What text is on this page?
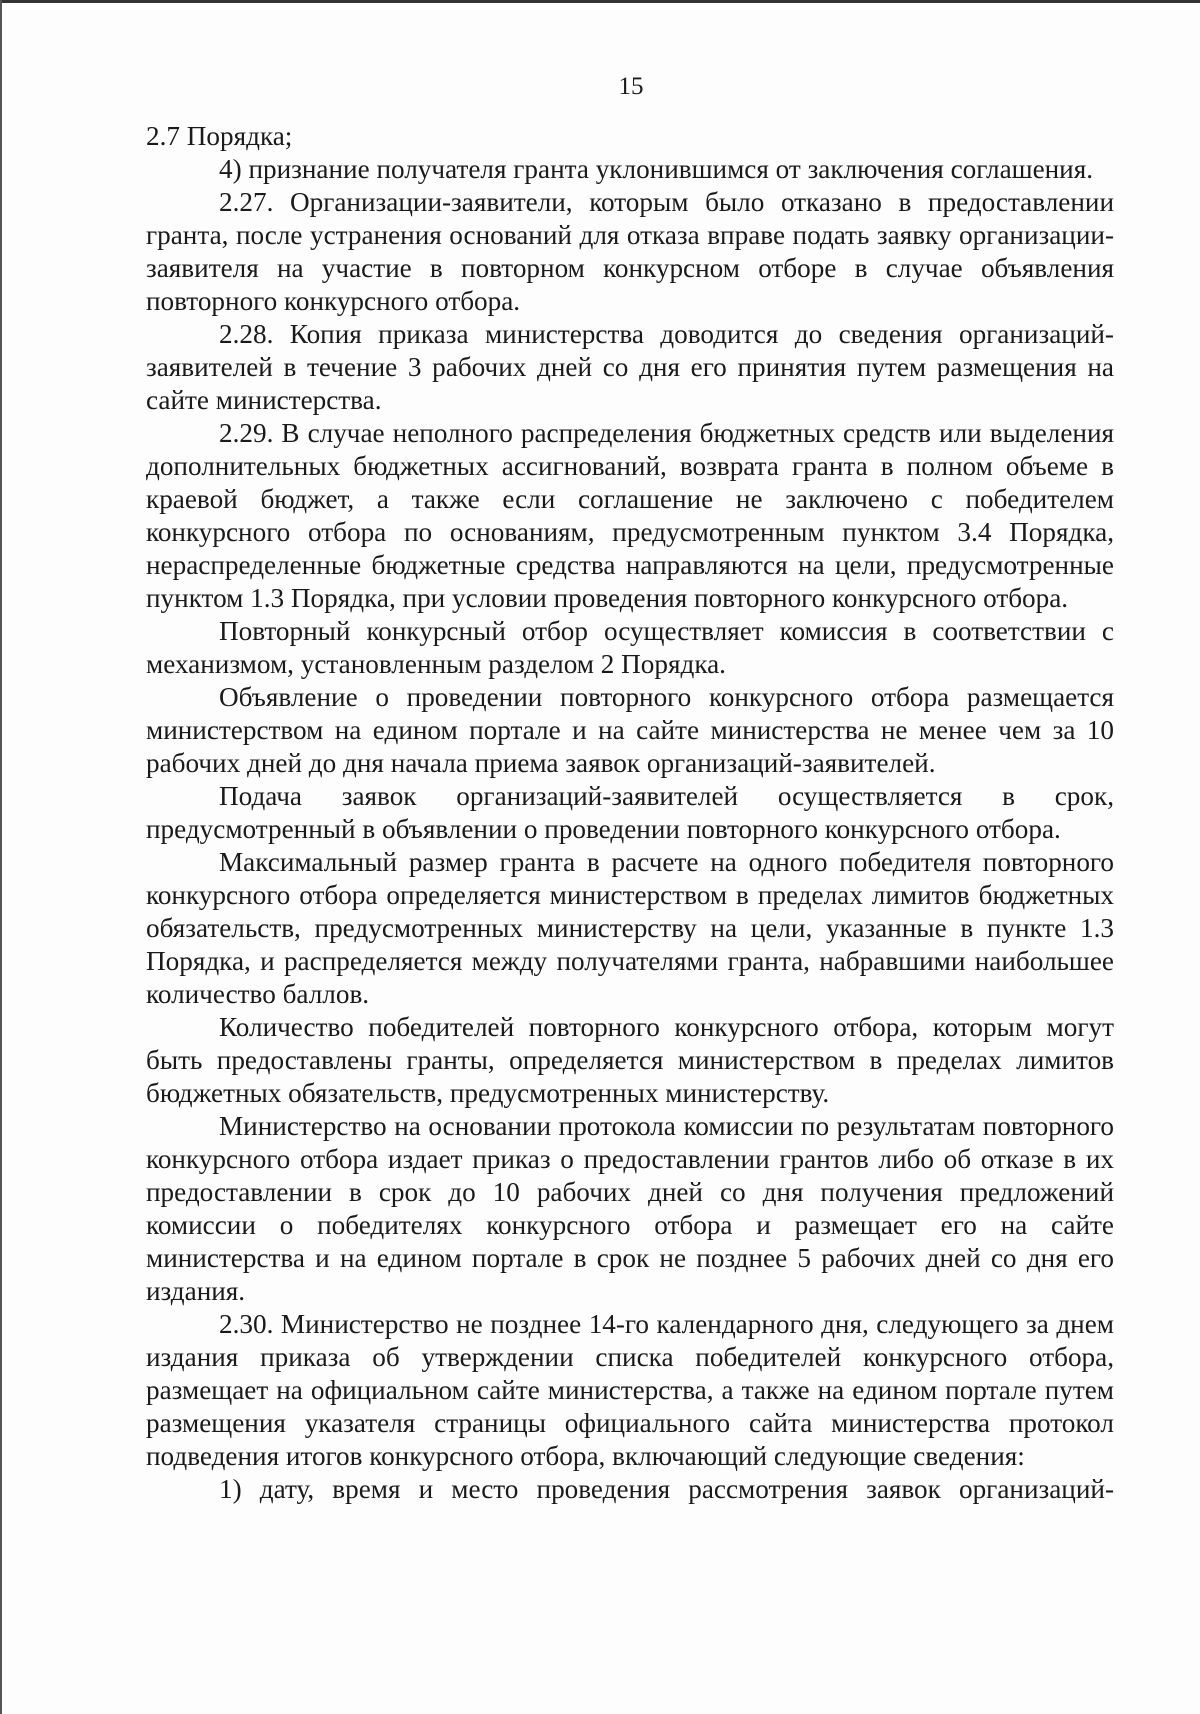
15

2.7 Порядка;

4) признание получателя гранта уклонившимся от заключения соглашения.

2.27. Организации-заявители, которым было отказано в предоставлении гранта, после устранения оснований для отказа вправе подать заявку организации-заявителя на участие в повторном конкурсном отборе в случае объявления повторного конкурсного отбора.

2.28. Копия приказа министерства доводится до сведения организаций-заявителей в течение 3 рабочих дней со дня его принятия путем размещения на сайте министерства.

2.29. В случае неполного распределения бюджетных средств или выделения дополнительных бюджетных ассигнований, возврата гранта в полном объеме в краевой бюджет, а также если соглашение не заключено с победителем конкурсного отбора по основаниям, предусмотренным пунктом 3.4 Порядка, нераспределенные бюджетные средства направляются на цели, предусмотренные пунктом 1.3 Порядка, при условии проведения повторного конкурсного отбора.

Повторный конкурсный отбор осуществляет комиссия в соответствии с механизмом, установленным разделом 2 Порядка.

Объявление о проведении повторного конкурсного отбора размещается министерством на едином портале и на сайте министерства не менее чем за 10 рабочих дней до дня начала приема заявок организаций-заявителей.

Подача заявок организаций-заявителей осуществляется в срок, предусмотренный в объявлении о проведении повторного конкурсного отбора.

Максимальный размер гранта в расчете на одного победителя повторного конкурсного отбора определяется министерством в пределах лимитов бюджетных обязательств, предусмотренных министерству на цели, указанные в пункте 1.3 Порядка, и распределяется между получателями гранта, набравшими наибольшее количество баллов.

Количество победителей повторного конкурсного отбора, которым могут быть предоставлены гранты, определяется министерством в пределах лимитов бюджетных обязательств, предусмотренных министерству.

Министерство на основании протокола комиссии по результатам повторного конкурсного отбора издает приказ о предоставлении грантов либо об отказе в их предоставлении в срок до 10 рабочих дней со дня получения предложений комиссии о победителях конкурсного отбора и размещает его на сайте министерства и на едином портале в срок не позднее 5 рабочих дней со дня его издания.

2.30. Министерство не позднее 14-го календарного дня, следующего за днем издания приказа об утверждении списка победителей конкурсного отбора, размещает на официальном сайте министерства, а также на едином портале путем размещения указателя страницы официального сайта министерства протокол подведения итогов конкурсного отбора, включающий следующие сведения:

1) дату, время и место проведения рассмотрения заявок организаций-
